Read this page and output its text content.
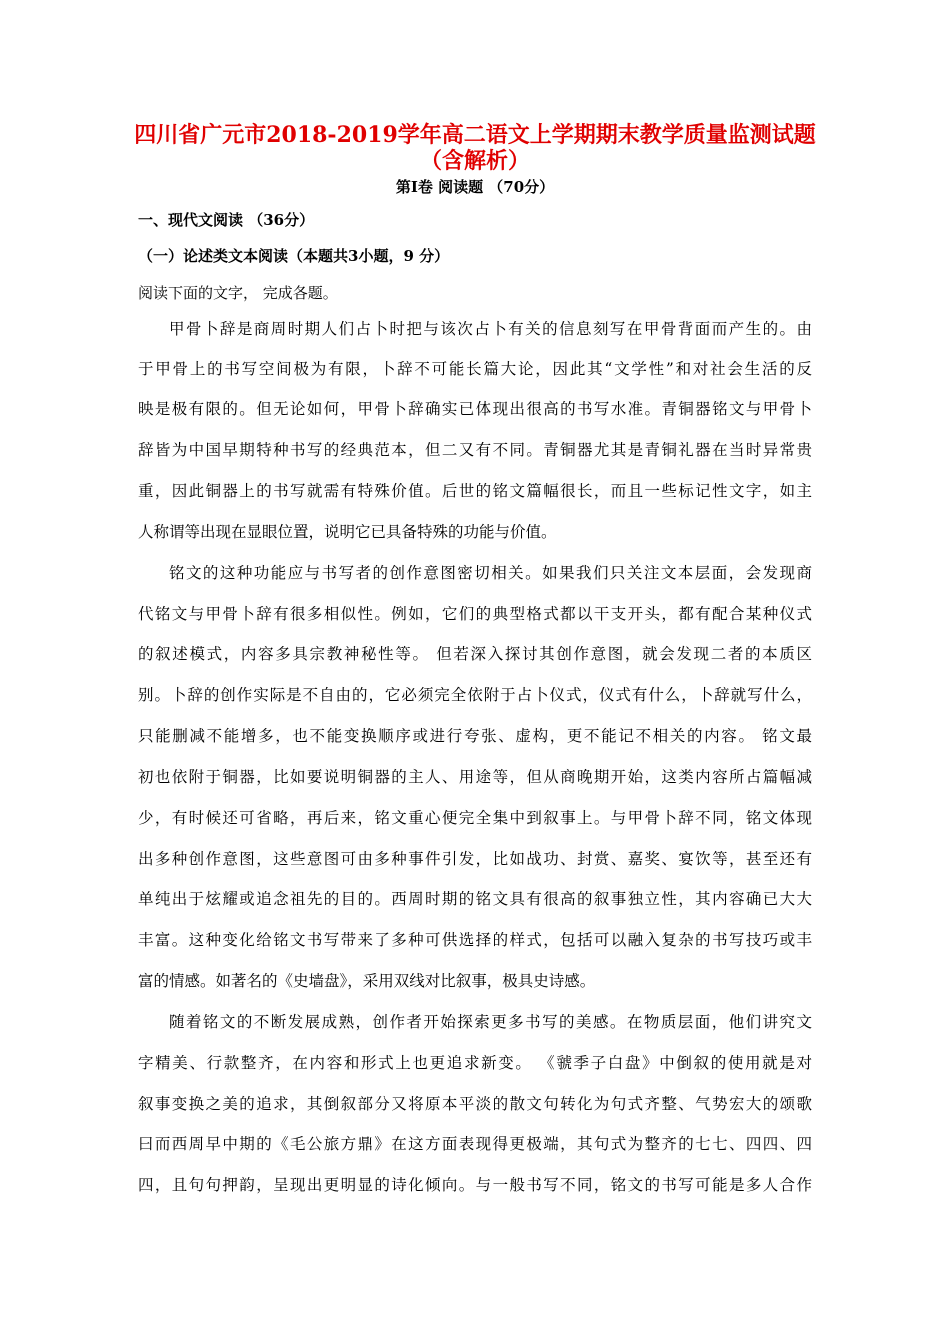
四川省广元市2018-2019学年高二语文上学期期末教学质量监测试题
（含解析）
第Ⅰ卷 阅读题 （70分）
一、现代文阅读 （36分）
（一）论述类文本阅读（本题共3小题，9 分）
阅读下面的文字， 完成各题。
甲骨卜辞是商周时期人们占卜时把与该次占卜有关的信息刻写在甲骨背面而产生的。由
于甲骨上的书写空间极为有限，卜辞不可能长篇大论，因此其“文学性”和对社会生活的反
映是极有限的。但无论如何，甲骨卜辞确实已体现出很高的书写水准。青铜器铭文与甲骨卜
辞皆为中国早期特种书写的经典范本，但二又有不同。青铜器尤其是青铜礼器在当时异常贵
重，因此铜器上的书写就需有特殊价值。后世的铭文篇幅很长，而且一些标记性文字，如主
人称谓等出现在显眼位置，说明它已具备特殊的功能与价值。
铭文的这种功能应与书写者的创作意图密切相关。如果我们只关注文本层面，会发现商
代铭文与甲骨卜辞有很多相似性。例如，它们的典型格式都以干支开头，都有配合某种仪式
的叙述模式，内容多具宗教神秘性等。 但若深入探讨其创作意图，就会发现二者的本质区
别。卜辞的创作实际是不自由的，它必须完全依附于占卜仪式，仪式有什么，卜辞就写什么，
只能删减不能增多，也不能变换顺序或进行夸张、虚构，更不能记不相关的内容。 铭文最
初也依附于铜器，比如要说明铜器的主人、用途等，但从商晚期开始，这类内容所占篇幅减
少，有时候还可省略，再后来，铭文重心便完全集中到叙事上。与甲骨卜辞不同，铭文体现
出多种创作意图，这些意图可由多种事件引发，比如战功、封赏、嘉奖、宴饮等，甚至还有
单纯出于炫耀或追念祖先的目的。西周时期的铭文具有很高的叙事独立性，其内容确已大大
丰富。这种变化给铭文书写带来了多种可供选择的样式，包括可以融入复杂的书写技巧或丰
富的情感。如著名的《史墙盘》，采用双线对比叙事，极具史诗感。
随着铭文的不断发展成熟，创作者开始探索更多书写的美感。在物质层面，他们讲究文
字精美、行款整齐，在内容和形式上也更追求新变。 《虢季子白盘》中倒叙的使用就是对
叙事变换之美的追求，其倒叙部分又将原本平淡的散文句转化为句式齐整、气势宏大的颂歌
曰而西周早中期的《毛公旅方鼎》在这方面表现得更极端，其句式为整齐的七七、四四、四
四，且句句押韵，呈现出更明显的诗化倾向。与一般书写不同，铭文的书写可能是多人合作
